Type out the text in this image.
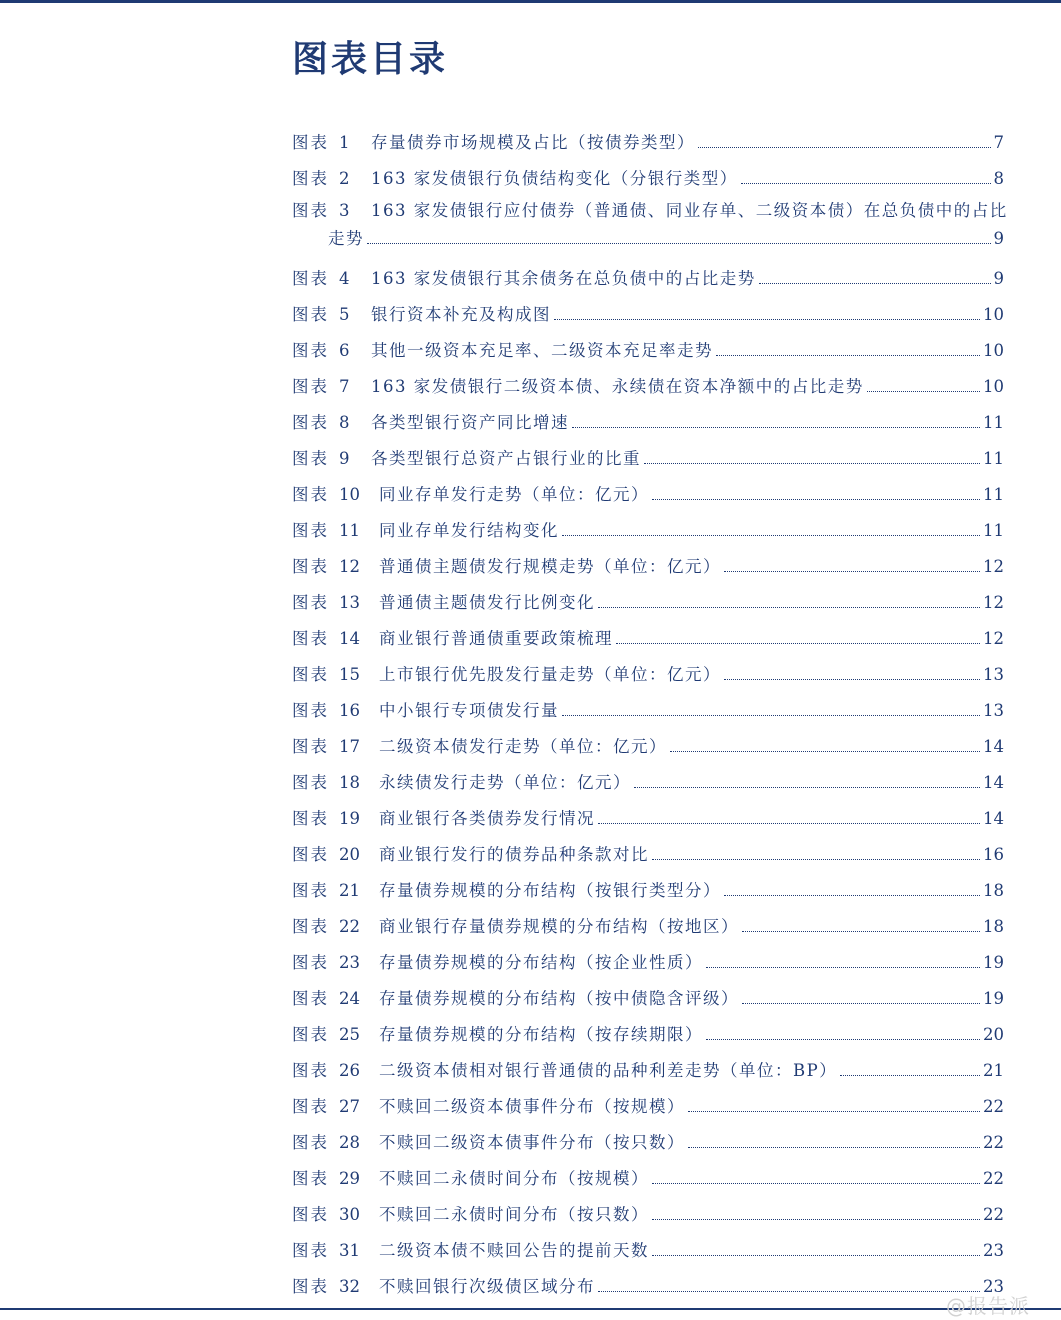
图表目录
图表 1	存量债券市场规模及占比（按债券类型）	7
图表 2	163 家发债银行负债结构变化（分银行类型）	8
图表 3	163 家发债银行应付债券（普通债、同业存单、二级资本债）在总负债中的占比
走势	9
图表 4	163 家发债银行其余债务在总负债中的占比走势	9
图表 5	银行资本补充及构成图	10
图表 6	其他一级资本充足率、二级资本充足率走势	10
图表 7	163 家发债银行二级资本债、永续债在资本净额中的占比走势	10
图表 8	各类型银行资产同比增速	11
图表 9	各类型银行总资产占银行业的比重	11
图表 10	同业存单发行走势（单位：亿元）	11
图表 11	同业存单发行结构变化	11
图表 12	普通债主题债发行规模走势（单位：亿元）	12
图表 13	普通债主题债发行比例变化	12
图表 14	商业银行普通债重要政策梳理	12
图表 15	上市银行优先股发行量走势（单位：亿元）	13
图表 16	中小银行专项债发行量	13
图表 17	二级资本债发行走势（单位：亿元）	14
图表 18	永续债发行走势（单位：亿元）	14
图表 19	商业银行各类债券发行情况	14
图表 20	商业银行发行的债券品种条款对比	16
图表 21	存量债券规模的分布结构（按银行类型分）	18
图表 22	商业银行存量债券规模的分布结构（按地区）	18
图表 23	存量债券规模的分布结构（按企业性质）	19
图表 24	存量债券规模的分布结构（按中债隐含评级）	19
图表 25	存量债券规模的分布结构（按存续期限）	20
图表 26	二级资本债相对银行普通债的品种利差走势（单位：BP）	21
图表 27	不赎回二级资本债事件分布（按规模）	22
图表 28	不赎回二级资本债事件分布（按只数）	22
图表 29	不赎回二永债时间分布（按规模）	22
图表 30	不赎回二永债时间分布（按只数）	22
图表 31	二级资本债不赎回公告的提前天数	23
图表 32	不赎回银行次级债区域分布	23
@报告派
